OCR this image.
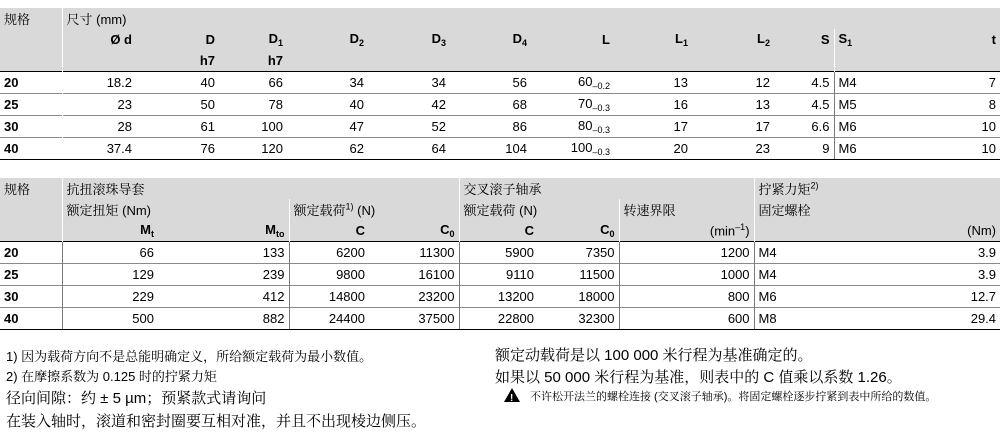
规格	尺寸 (mm)											
	Ø d	D	$D_1$	$D_2$	$D_3$	$D_4$	L	$L_1$	$L_2$	S	$S_1$	t
		h7	h7									
20	18.2	40	66	34	34	56	$60_{-0.2}$	13	12	4.5	M4	7
25	23	50	78	40	42	68	$70_{-0.3}$	16	13	4.5	M5	8
30	28	61	100	47	52	86	$80_{-0.3}$	17	17	6.6	M6	10
40	37.4	76	120	62	64	104	$100_{-0.3}$	20	23	9	M6	10
规格	抗扭滚珠导套				交叉滚子轴承			拧紧力矩$^{2)}$
	额定扭矩 (Nm)		额定载荷$^{1)}$ (N)		额定载荷 (N)		转速界限	固定螺栓	
	$M_t$	$M_{to}$	C	$C_0$	C	$C_0$	$(\min^{-1})$		(Nm)
20	66	133	6200	11300	5900	7350	1200	M4	3.9
25	129	239	9800	16100	9110	11500	1000	M4	3.9
30	229	412	14800	23200	13200	18000	800	M6	12.7
40	500	882	24400	37500	22800	32300	600	M8	29.4
1) 因为载荷方向不是总能明确定义，所给额定载荷为最小数值。
2) 在摩擦系数为 0.125 时的拧紧力矩
径向间隙：约 ± 5 µm；预紧款式请询问
在装入轴时，滚道和密封圈要互相对准，并且不出现棱边侧压。
额定动载荷是以 100 000 米行程为基准确定的。
如果以 50 000 米行程为基准，则表中的 C 值乘以系数 1.26。
!不许松开法兰的螺栓连接 (交叉滚子轴承)。将固定螺栓逐步拧紧到表中所给的数值。
